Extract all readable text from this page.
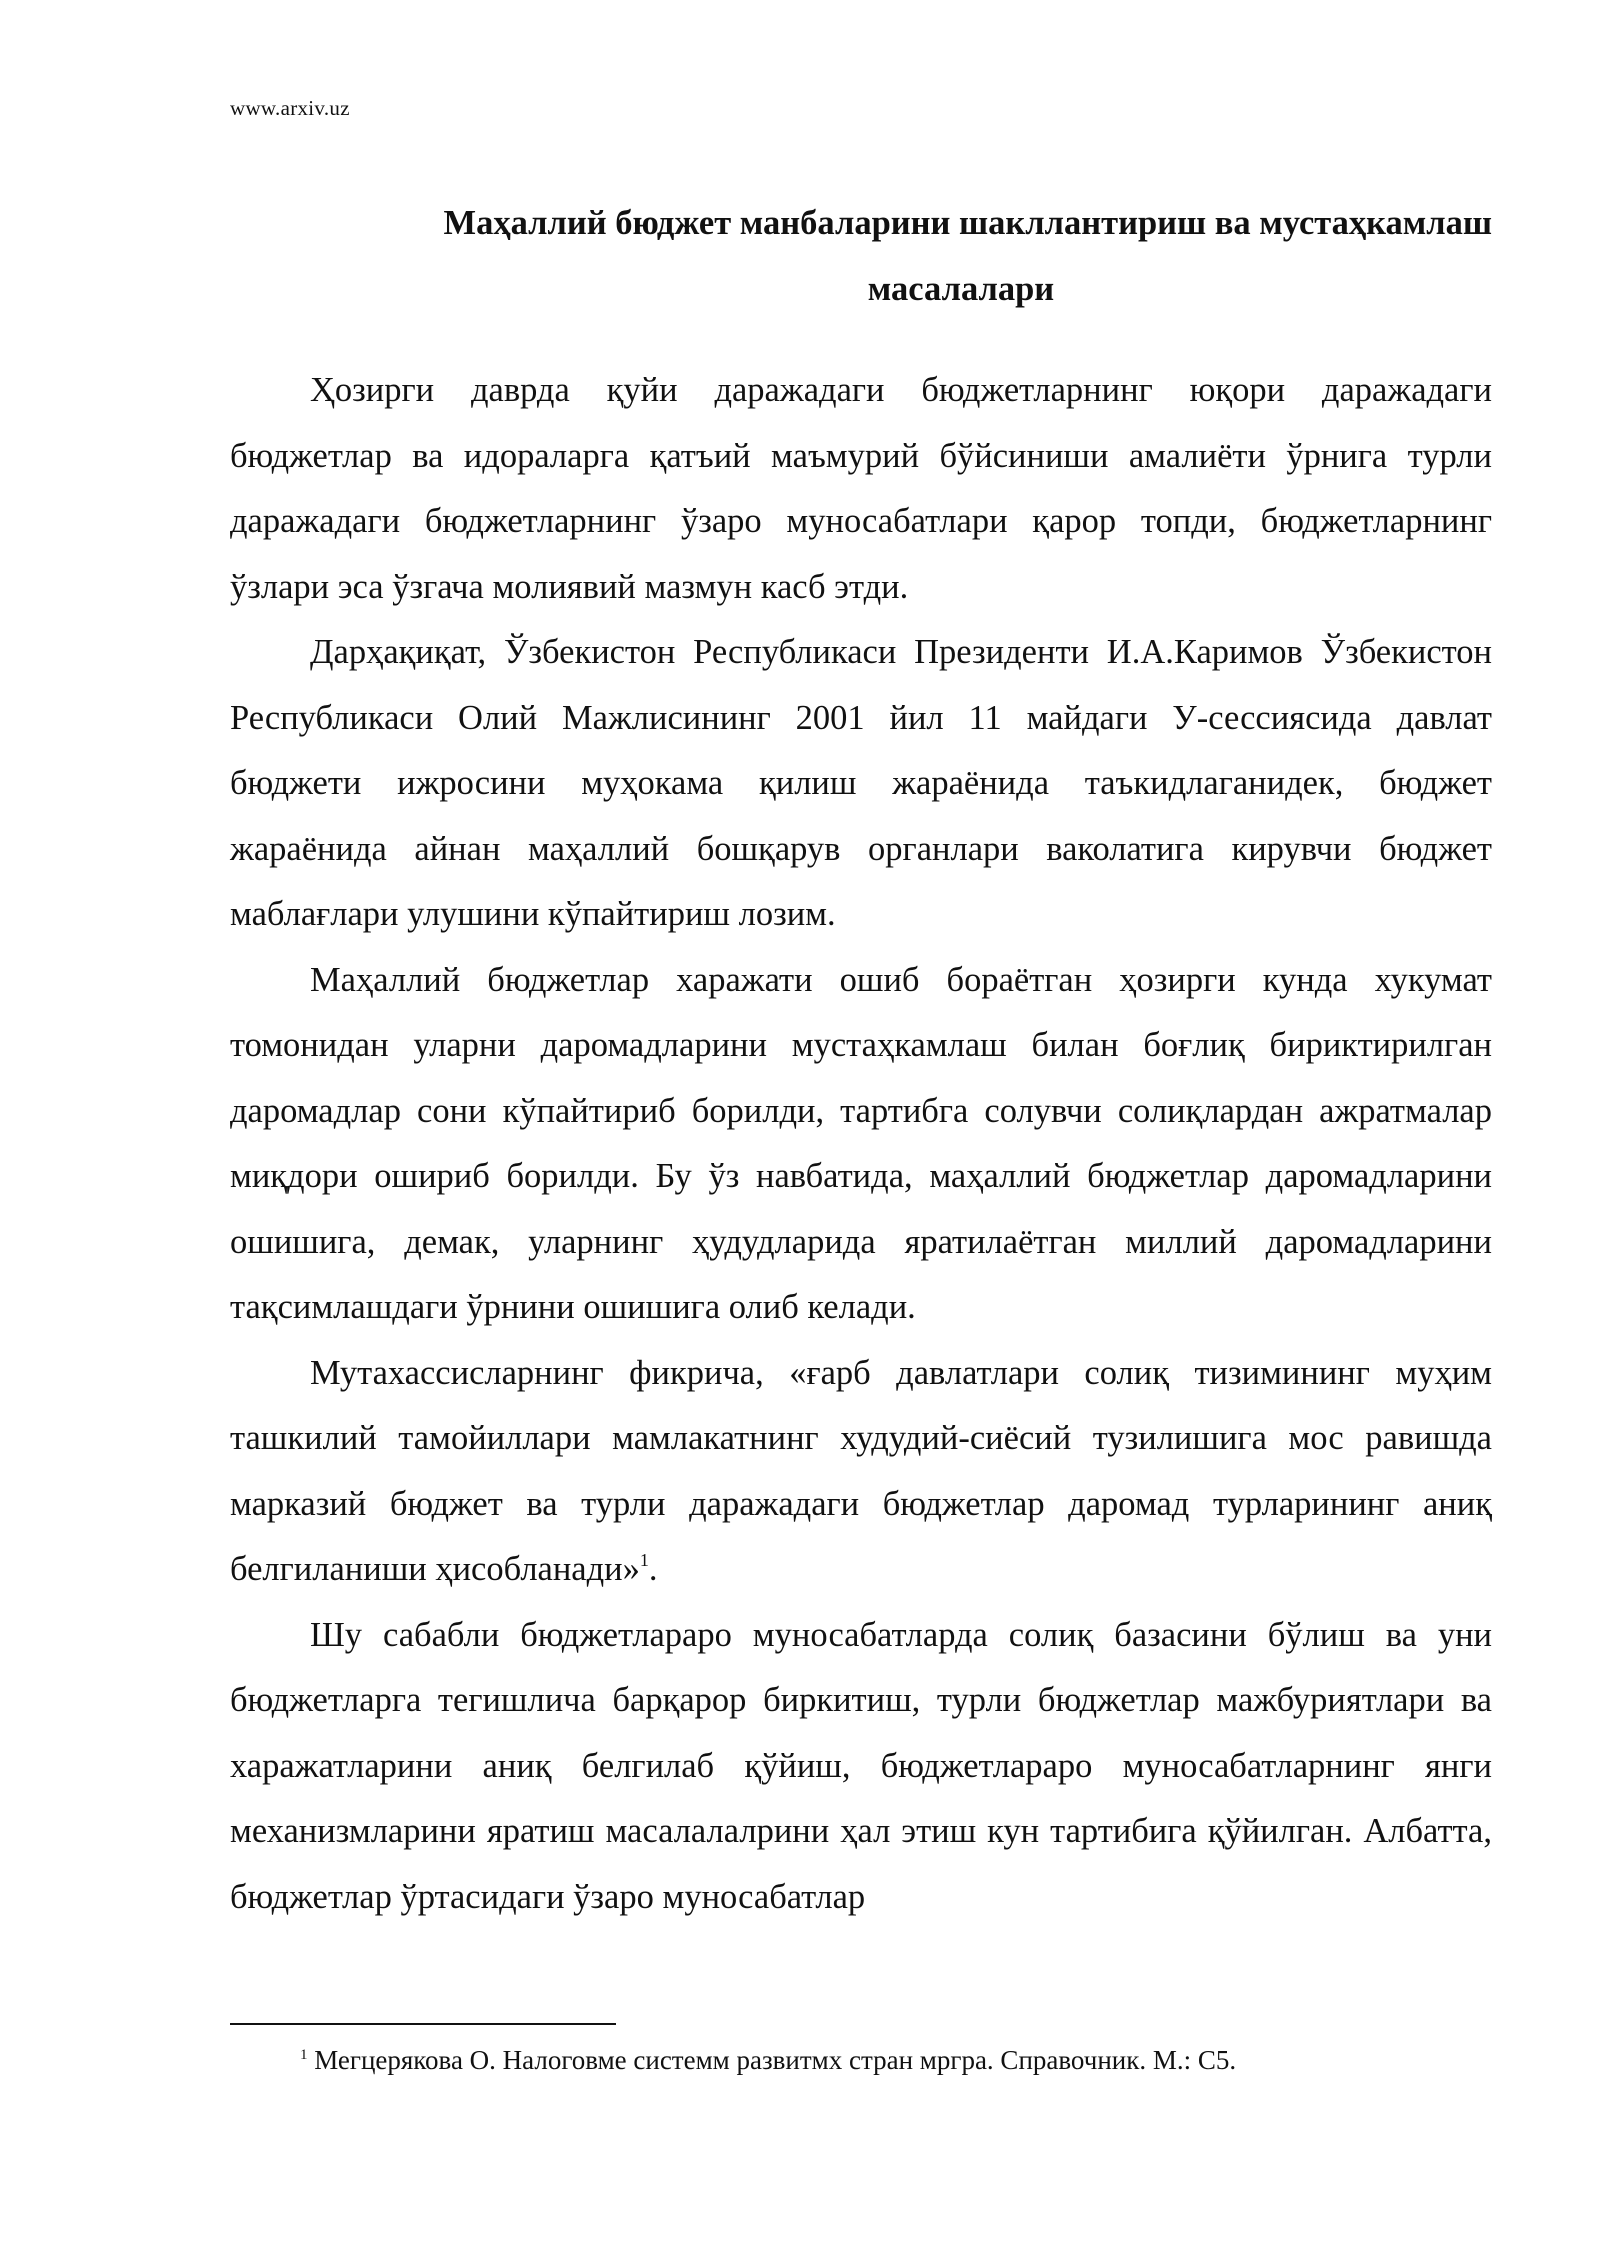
www.arxiv.uz
Маҳаллий бюджет манбаларини шакллантириш ва мустаҳкамлаш
масалалари

Ҳозирги даврда қуйи даражадаги бюджетларнинг юқори даражадаги бюджетлар ва идораларга қатъий маъмурий бўйсиниши амалиёти ўрнига турли даражадаги бюджетларнинг ўзаро муносабатлари қарор топди, бюджетларнинг ўзлари эса ўзгача молиявий мазмун касб этди.

Дарҳақиқат, Ўзбекистон Республикаси Президенти И.А.Каримов Ўзбекистон Республикаси Олий Мажлисининг 2001 йил 11 майдаги У-сессиясида давлат бюджети ижросини муҳокама қилиш жараёнида таъкидлаганидек, бюджет жараёнида айнан маҳаллий бошқарув органлари ваколатига кирувчи бюджет маблағлари улушини кўпайтириш лозим.

Маҳаллий бюджетлар харажати ошиб бораётган ҳозирги кунда хукумат томонидан уларни даромадларини мустаҳкамлаш билан боғлиқ бириктирилган даромадлар сони кўпайтириб борилди, тартибга солувчи солиқлардан ажратмалар миқдори ошириб борилди. Бу ўз навбатида, маҳаллий бюджетлар даромадларини ошишига, демак, уларнинг ҳудудларида яратилаётган миллий даромадларини тақсимлашдаги ўрнини ошишига олиб келади.

Мутахассисларнинг фикрича, «ғарб давлатлари солиқ тизимининг муҳим ташкилий тамойиллари мамлакатнинг худудий-сиёсий тузилишига мос равишда марказий бюджет ва турли даражадаги бюджетлар даромад турларининг аниқ белгиланиши ҳисобланади»$^1$.

Шу сабабли бюджетлараро муносабатларда солиқ базасини бўлиш ва уни бюджетларга тегишлича барқарор биркитиш, турли бюджетлар мажбуриятлари ва харажатларини аниқ белгилаб қўйиш, бюджетлараро муносабатларнинг янги механизмларини яратиш масалалалрини ҳал этиш кун тартибига қўйилган. Албатта, бюджетлар ўртасидаги ўзаро муносабатлар

$^1$ Мегцерякова О. Налоговме системм развитмх стран мргра. Справочник. М.: С5.
